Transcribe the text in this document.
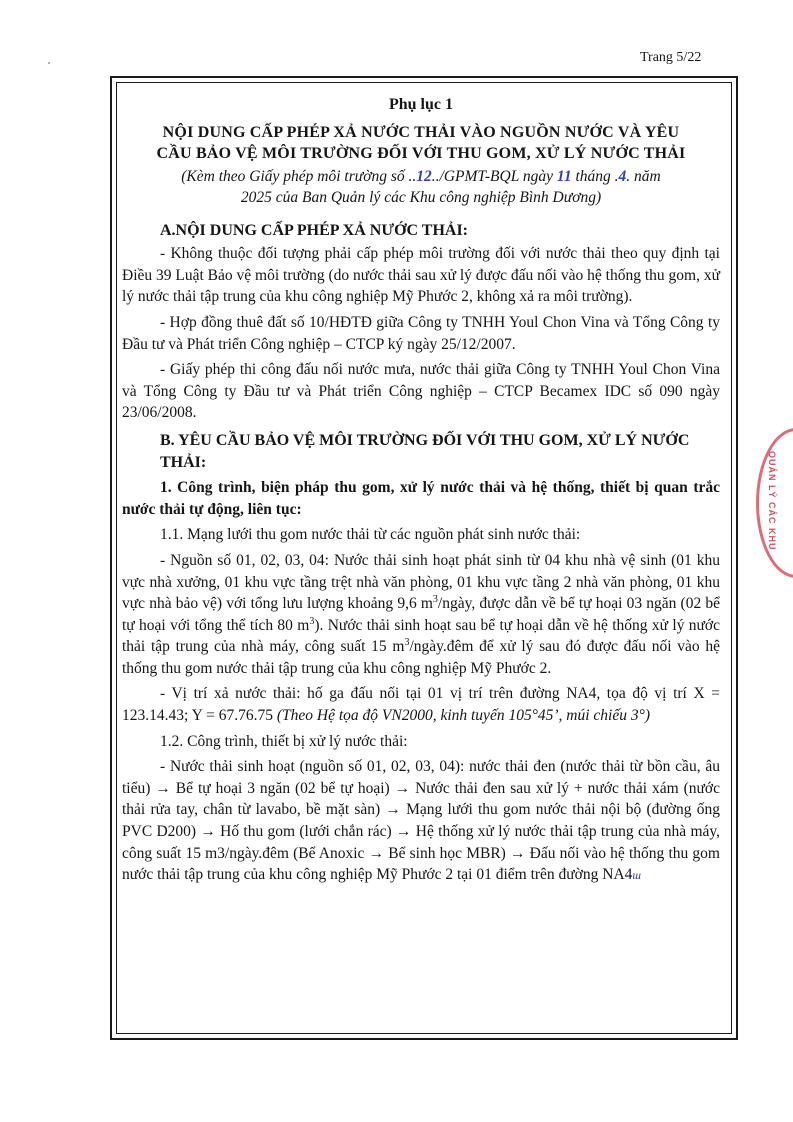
Trang 5/22
QUẢN LÝ CÁC KHU
Phụ lục 1
NỘI DUNG CẤP PHÉP XẢ NƯỚC THẢI VÀO NGUỒN NƯỚC VÀ YÊU
CẦU BẢO VỆ MÔI TRƯỜNG ĐỐI VỚI THU GOM, XỬ LÝ NƯỚC THẢI
(Kèm theo Giấy phép môi trường số ..12../GPMT-BQL ngày 11 tháng .4. năm
2025 của Ban Quản lý các Khu công nghiệp Bình Dương)
A.NỘI DUNG CẤP PHÉP XẢ NƯỚC THẢI:

- Không thuộc đối tượng phải cấp phép môi trường đối với nước thải theo quy định tại Điều 39 Luật Bảo vệ môi trường (do nước thải sau xử lý được đấu nối vào hệ thống thu gom, xử lý nước thải tập trung của khu công nghiệp Mỹ Phước 2, không xả ra môi trường).

- Hợp đồng thuê đất số 10/HĐTĐ giữa Công ty TNHH Youl Chon Vina và Tổng Công ty Đầu tư và Phát triển Công nghiệp – CTCP ký ngày 25/12/2007.

- Giấy phép thi công đấu nối nước mưa, nước thải giữa Công ty TNHH Youl Chon Vina và Tổng Công ty Đầu tư và Phát triển Công nghiệp – CTCP Becamex IDC số 090 ngày 23/06/2008.

B. YÊU CẦU BẢO VỆ MÔI TRƯỜNG ĐỐI VỚI THU GOM, XỬ LÝ NƯỚC THẢI:

1. Công trình, biện pháp thu gom, xử lý nước thải và hệ thống, thiết bị quan trắc nước thải tự động, liên tục:

1.1. Mạng lưới thu gom nước thải từ các nguồn phát sinh nước thải:

- Nguồn số 01, 02, 03, 04: Nước thải sinh hoạt phát sinh từ 04 khu nhà vệ sinh (01 khu vực nhà xưởng, 01 khu vực tầng trệt nhà văn phòng, 01 khu vực tầng 2 nhà văn phòng, 01 khu vực nhà bảo vệ) với tổng lưu lượng khoảng 9,6 $m^3$/ngày, được dẫn về bể tự hoại 03 ngăn (02 bể tự hoại với tổng thể tích 80 $m^3$). Nước thải sinh hoạt sau bể tự hoại dẫn về hệ thống xử lý nước thải tập trung của nhà máy, công suất 15 $m^3/ngày.đêm$ để xử lý sau đó được đấu nối vào hệ thống thu gom nước thải tập trung của khu công nghiệp Mỹ Phước 2.

- Vị trí xả nước thải: hố ga đấu nối tại 01 vị trí trên đường NA4, tọa độ vị trí X = 123.14.43; Y = 67.76.75 (Theo Hệ tọa độ VN2000, kinh tuyến 105°45’, múi chiếu 3°)

1.2. Công trình, thiết bị xử lý nước thải:

- Nước thải sinh hoạt (nguồn số 01, 02, 03, 04): nước thải đen (nước thải từ bồn cầu, âu tiểu) → Bể tự hoại 3 ngăn (02 bể tự hoại) → Nước thải đen sau xử lý + nước thải xám (nước thải rửa tay, chân từ lavabo, bề mặt sàn) → Mạng lưới thu gom nước thải nội bộ (đường ống PVC D200) → Hố thu gom (lưới chắn rác) → Hệ thống xử lý nước thải tập trung của nhà máy, công suất 15 m3/ngày.đêm (Bể Anoxic → Bể sinh học MBR) → Đấu nối vào hệ thống thu gom nước thải tập trung của khu công nghiệp Mỹ Phước 2 tại 01 điểm trên đường NA4ɯ
